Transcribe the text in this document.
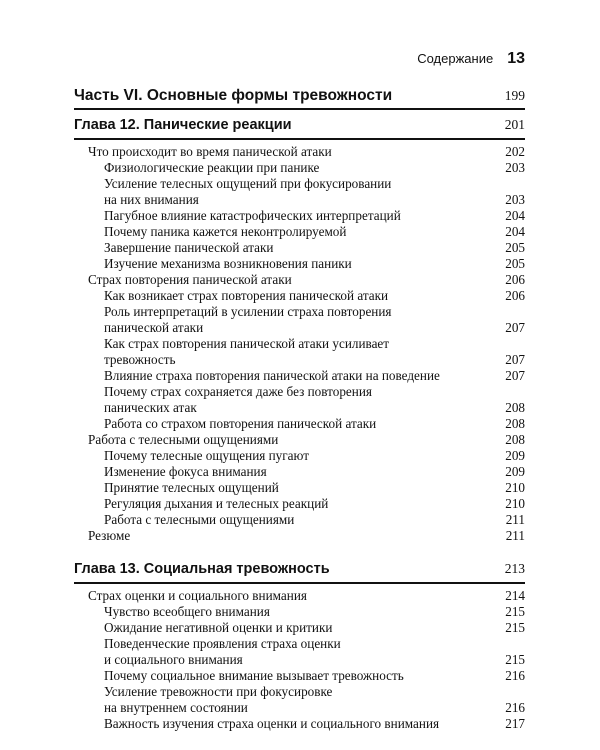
Содержание 13
Часть VI. Основные формы тревожности	199
Глава 12. Панические реакции	201
Что происходит во время панической атаки	202
Физиологические реакции при панике	203
Усиление телесных ощущений при фокусировании
на них внимания	203
Пагубное влияние катастрофических интерпретаций	204
Почему паника кажется неконтролируемой	204
Завершение панической атаки	205
Изучение механизма возникновения паники	205
Страх повторения панической атаки	206
Как возникает страх повторения панической атаки	206
Роль интерпретаций в усилении страха повторения
панической атаки	207
Как страх повторения панической атаки усиливает
тревожность	207
Влияние страха повторения панической атаки на поведение	207
Почему страх сохраняется даже без повторения
панических атак	208
Работа со страхом повторения панической атаки	208
Работа с телесными ощущениями	208
Почему телесные ощущения пугают	209
Изменение фокуса внимания	209
Принятие телесных ощущений	210
Регуляция дыхания и телесных реакций	210
Работа с телесными ощущениями	211
Резюме	211
Глава 13. Социальная тревожность	213
Страх оценки и социального внимания	214
Чувство всеобщего внимания	215
Ожидание негативной оценки и критики	215
Поведенческие проявления страха оценки
и социального внимания	215
Почему социальное внимание вызывает тревожность	216
Усиление тревожности при фокусировке
на внутреннем состоянии	216
Важность изучения страха оценки и социального внимания	217
